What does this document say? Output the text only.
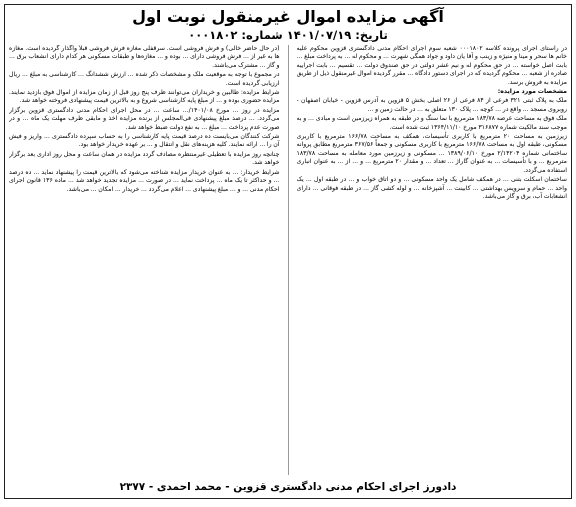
آگهی مزایده اموال غیرمنقول نوبت اول
تاریخ: ۱۴۰۱/۰۷/۱۹ شماره: ۰۰۰۱۸۰۲

در راستای اجرای پرونده کلاسه ۰۰۰۱۸۰۲ شعبه سوم اجرای احکام مدنی دادگستری قزوین محکوم علیه خانم ها سحر و مینا و منیژه و زینب و آقا یان داود و جواد همگی شهرت ... و محکوم له ... به پرداخت مبلغ ... بابت اصل خواسته ... در حق محکوم له و نیم عشر دولتی در حق صندوق دولت ... تقسیم ... بابت اجراییه صادره از شعبه ... محکوم گردیده که در اجرای دستور دادگاه ... مقرر گردیده اموال غیرمنقول ذیل از طریق مزایده به فروش برسد.

مشخصات مورد مزایده:

ملک به پلاک ثبتی ۳۲۱ فرعی از ۸۴ فرعی از ۲۶ اصلی بخش ۵ قزوین به آدرس قزوین - خیابان اصفهان - روبروی مسجد ... واقع در ... کوچه ... پلاک ۱۳۰ متعلق به ... در حالت زمین و ...

ملک فوق به مساحت عرصه ۱۸۳/۷۸ مترمربع با نما سنگ و در طبقه به همراه زیرزمین است و مبادی ... و به موجب سند مالکیت شماره ۳۱۶۸۷۷ مورخ ۱۳۶۴/۱۱/۱۰ ثبت شده است.

زیرزمین به مساحت ۲۰ مترمربع با کاربری تأسیسات، همکف به مساحت ۱۶۶/۷۸ مترمربع با کاربری مسکونی، طبقه اول به مساحت ۱۶۶/۷۸ مترمربع با کاربری مسکونی و جمعاً ۳۶۷/۵۶ مترمربع مطابق پروانه ساختمانی شماره ۲/۱۴۲۰۴ مورخ ۱۳۸۹/۰۶/۱۰ ... مسکونی و زیرزمین مورد معامله به مساحت ۱۸۳/۷۸ مترمربع ... و با تأسیسات ... به عنوان گاراژ ... تعداد ... و مقدار ۲۰ مترمربع ... و ... از ... به عنوان انباری استفاده می‌گردد.

ساختمان اسکلت بتنی ... در همکف شامل یک واحد مسکونی ... و دو اتاق خواب و ... در طبقه اول ... یک واحد ... حمام و سرویس بهداشتی ... کابینت ... آشپزخانه ... و لوله کشی گاز ... در طبقه فوقانی ... دارای انشعابات آب، برق و گاز می‌باشد.

(در حال حاضر خالی) و فرش فروشی است. سرقفلی مغازه فرش فروشی قبلاً واگذار گردیده است. مغازه ها به غیر از ... فرش فروشی دارای ... بوده و ... مغازه‌ها و طبقات مسکونی هر کدام دارای انشعاب برق ... و گاز ... مشترک می‌باشند.

در مجموع با توجه به موقعیت ملک و مشخصات ذکر شده ... ارزش ششدانگ ... کارشناسی به مبلغ ... ریال ارزیابی گردیده است.

شرایط مزایده: طالبین و خریداران می‌توانند ظرف پنج روز قبل از زمان مزایده از اموال فوق بازدید نمایند. مزایده حضوری بوده و ... از مبلغ پایه کارشناسی شروع و به بالاترین قیمت پیشنهادی فروخته خواهد شد.

مزایده در روز ... مورخ ۱۴۰۱/۰۸/... ساعت ... در محل اجرای احکام مدنی دادگستری قزوین برگزار می‌گردد. ... درصد مبلغ پیشنهادی فی‌المجلس از برنده مزایده اخذ و مابقی ظرف مهلت یک ماه ... و در صورت عدم پرداخت ... مبلغ ... به نفع دولت ضبط خواهد شد.

شرکت کنندگان می‌بایست ده درصد قیمت پایه کارشناسی را به حساب سپرده دادگستری ... واریز و فیش آن را ... ارائه نمایند. کلیه هزینه‌های نقل و انتقال و ... بر عهده خریدار خواهد بود.

چنانچه روز مزایده با تعطیلی غیرمنتظره مصادف گردد مزایده در همان ساعت و محل روز اداری بعد برگزار خواهد شد.

شرایط خریدار: ... به عنوان خریدار مزایده شناخته می‌شود که بالاترین قیمت را پیشنهاد نماید ... ده درصد ... و حداکثر تا یک ماه ... پرداخت نماید ... در صورت ... مزایده تجدید خواهد شد ... ماده ۱۳۶ قانون اجرای احکام مدنی ... و ... مبلغ پیشنهادی ... اعلام می‌گردد ... خریدار ... امکان ... می‌باشد.

دادورز اجرای احکام مدنی دادگستری قزوین - محمد احمدی - ۲۳۷۷
